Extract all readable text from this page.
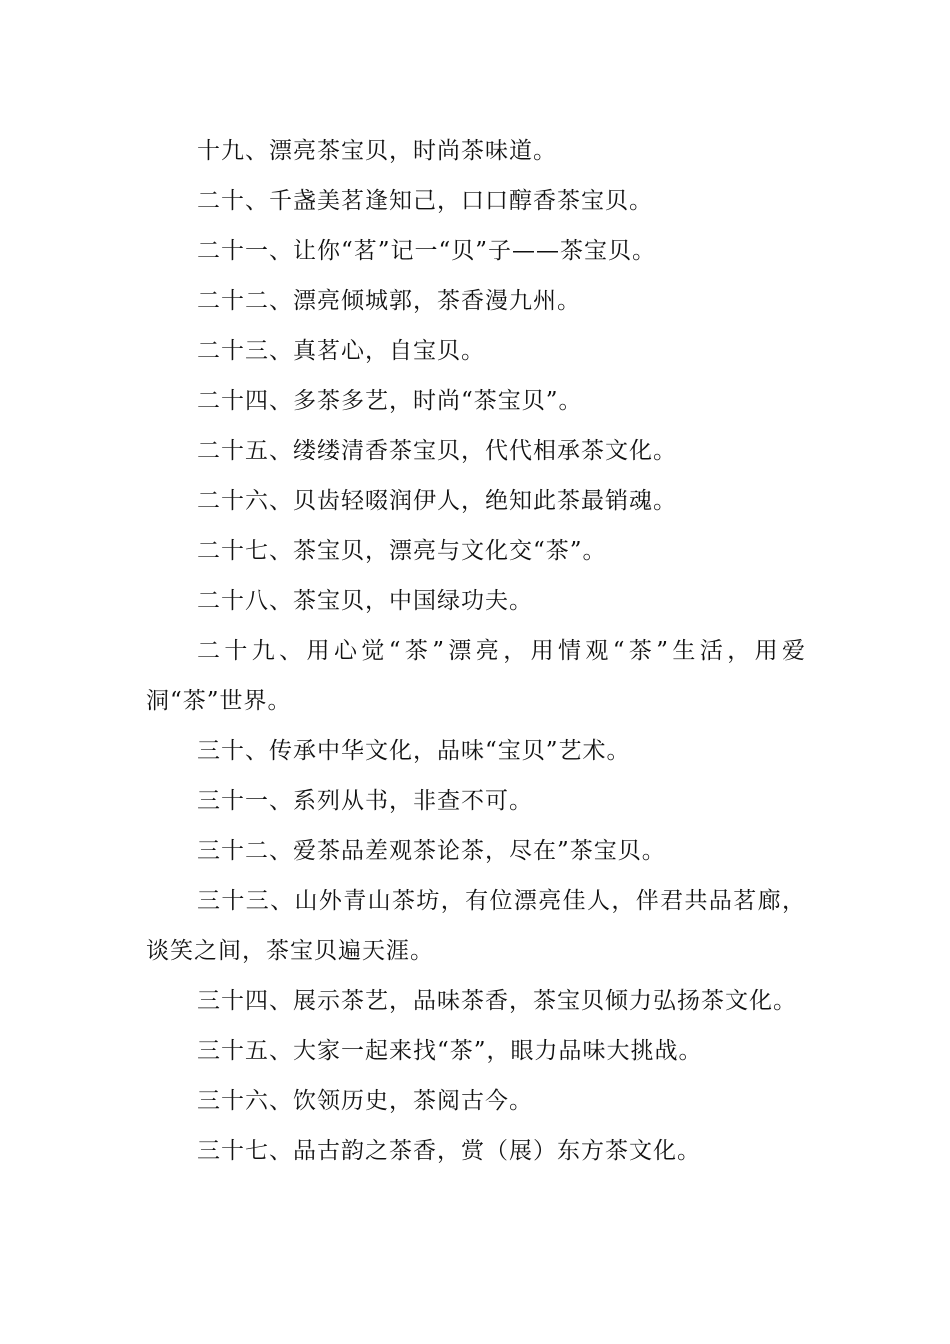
十九、漂亮茶宝贝，时尚茶味道。

二十、千盏美茗逢知己，口口醇香茶宝贝。

二十一、让你“茗”记一“贝”子——茶宝贝。

二十二、漂亮倾城郭，茶香漫九州。

二十三、真茗心，自宝贝。

二十四、多茶多艺，时尚“茶宝贝”。

二十五、缕缕清香茶宝贝，代代相承茶文化。

二十六、贝齿轻啜润伊人，绝知此茶最销魂。

二十七、茶宝贝，漂亮与文化交“茶”。

二十八、茶宝贝，中国绿功夫。

二十九、用心觉“茶”漂亮，用情观“茶”生活，用爱洞“茶”世界。

三十、传承中华文化，品味“宝贝”艺术。

三十一、系列从书，非查不可。

三十二、爱茶品差观茶论茶，尽在”茶宝贝。

三十三、山外青山茶坊，有位漂亮佳人，伴君共品茗廊，谈笑之间，茶宝贝遍天涯。

三十四、展示茶艺，品味茶香，茶宝贝倾力弘扬茶文化。

三十五、大家一起来找“茶”，眼力品味大挑战。

三十六、饮领历史，茶阅古今。

三十七、品古韵之茶香，赏（展）东方茶文化。
